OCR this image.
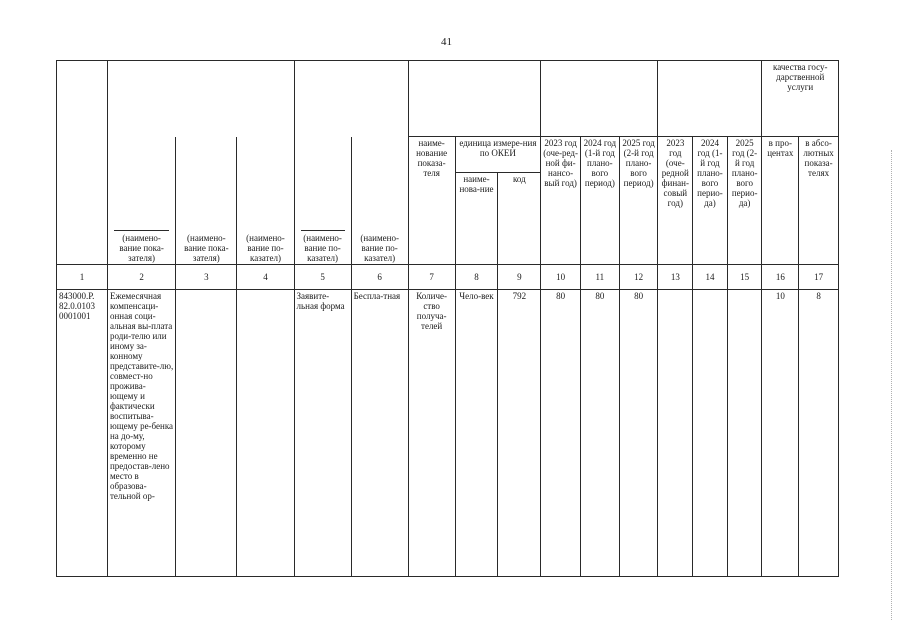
41
															качества госу-дарственной услуги	

	(наимено-вание пока-зателя)	(наимено-вание пока-зателя)	(наимено-вание по-казател)	(наимено-вание по-казател)	(наимено-вание по-казател)	наиме-нование показа-теля	единица измере-ния по ОКЕИ		2023 год (оче-ред-ной фи-нансо-вый год)	2024 год (1-й год плано-вого период)	2025 год (2-й год плано-вого период)	2023 год (оче-редной финан-совый год)	2024 год (1-й год плано-вого перио-да)	2025 год (2-й год плано-вого перио-да)	в про-центах	в абсо-лютных показа-телях
							наиме-нова-ние	код								
1	2	3	4	5	6	7	8	9	10	11	12	13	14	15	16	17
843000.Р. 82.0.0103 0001001	Ежемесячная компенсаци-онная соци-альная вы-плата роди-телю или иному за-конному представите-лю, совмест-но прожива-ющему и фактически воспитыва-ющему ре-бенка на до-му, которому временно не предостав-лено место в образова-тельной ор-			Заявите-льная форма	Беспла-тная	Количе-ство получа-телей	Чело-век	792	80	80	80				10	8
